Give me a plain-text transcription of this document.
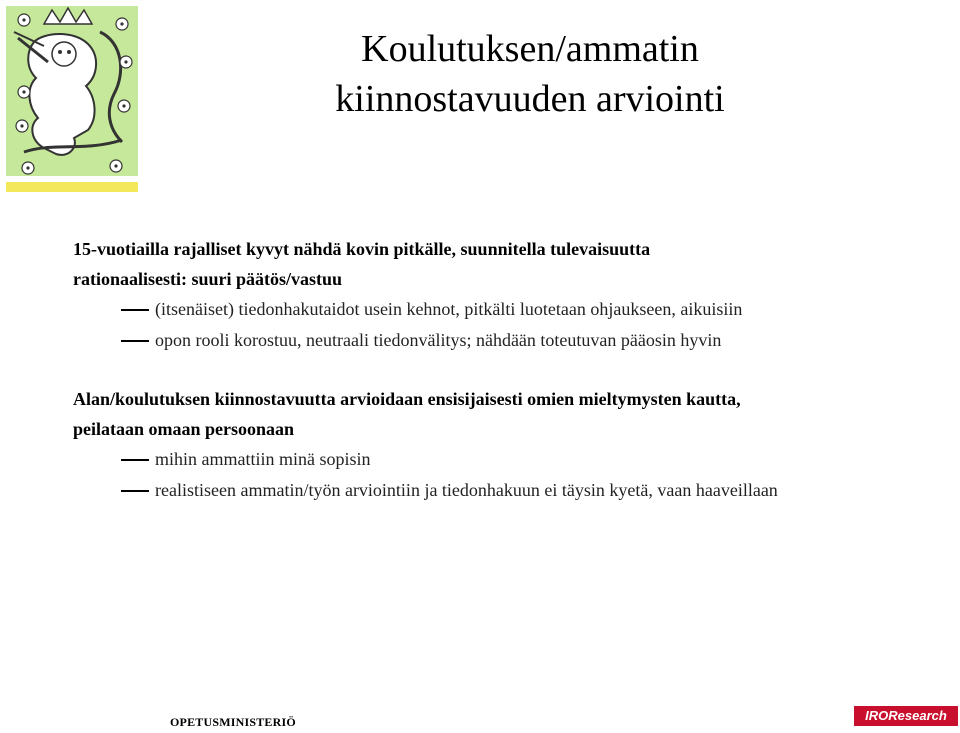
Koulutuksen/ammatin
kiinnostavuuden arviointi
15-vuotiailla rajalliset kyvyt nähdä kovin pitkälle, suunnitella tulevaisuutta
rationaalisesti: suuri päätös/vastuu
(itsenäiset) tiedonhakutaidot usein kehnot, pitkälti luotetaan ohjaukseen, aikuisiin
opon rooli korostuu, neutraali tiedonvälitys; nähdään toteutuvan pääosin hyvin
Alan/koulutuksen kiinnostavuutta arvioidaan ensisijaisesti omien mieltymysten kautta,
peilataan omaan persoonaan
mihin ammattiin minä sopisin
realistiseen ammatin/työn arviointiin ja tiedonhakuun ei täysin kyetä, vaan haaveillaan
OPETUSMINISTERIÖ	IROResearch
